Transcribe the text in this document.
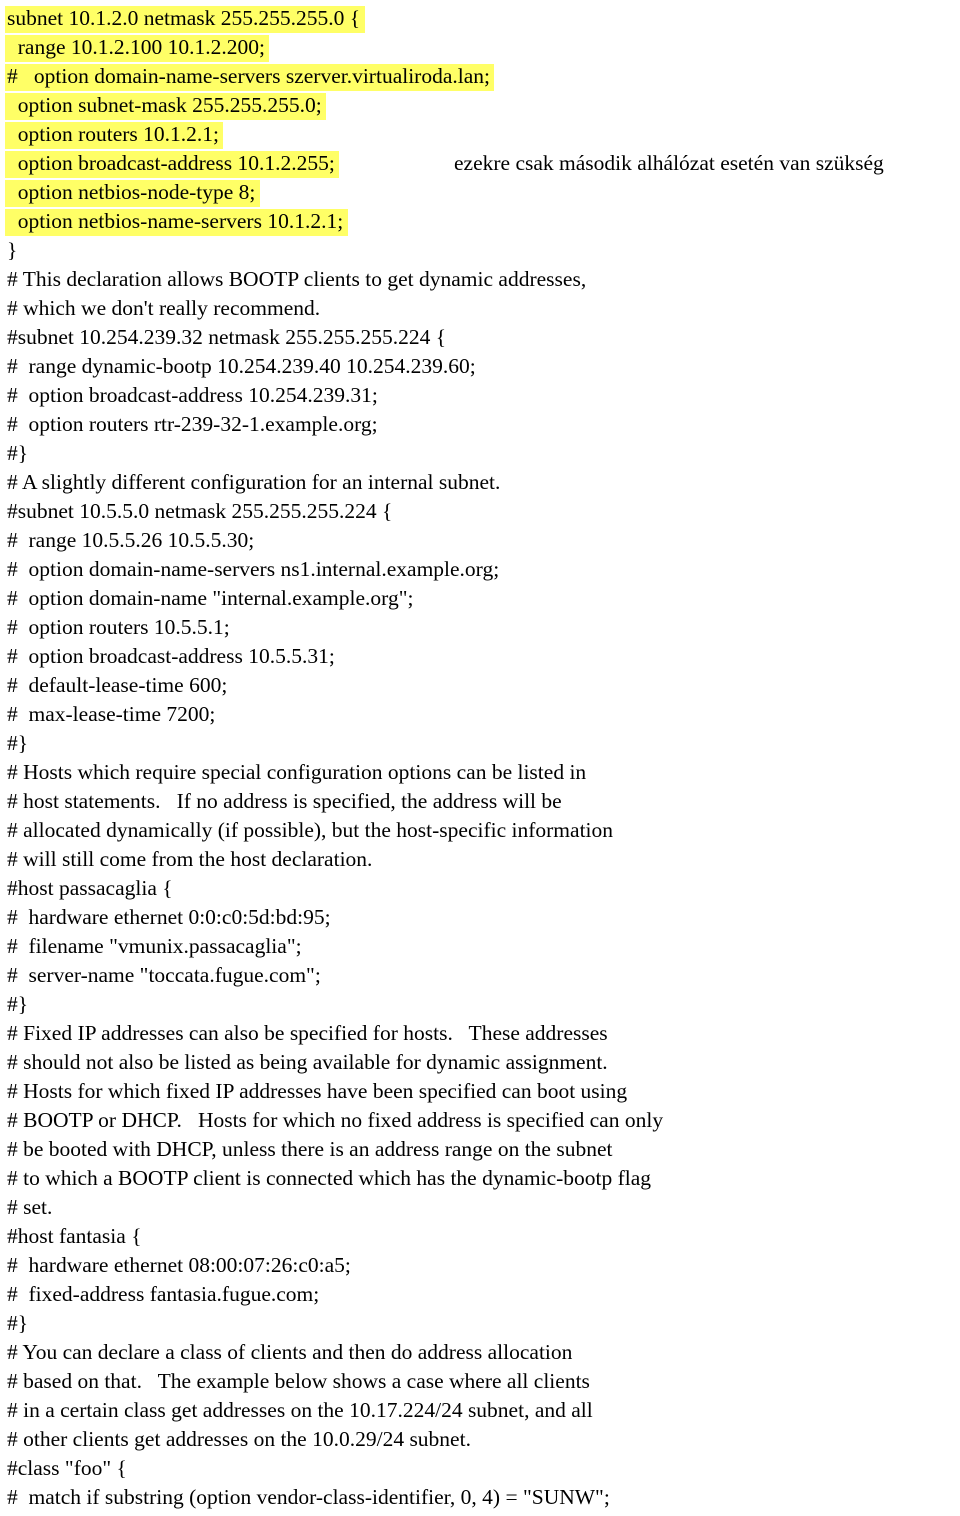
subnet 10.1.2.0 netmask 255.255.255.0 {
range 10.1.2.100 10.1.2.200;
#   option domain-name-servers szerver.virtualiroda.lan;
option subnet-mask 255.255.255.0;
option routers 10.1.2.1;
option broadcast-address 10.1.2.255;	ezekre csak második alhálózat esetén van szükség
option netbios-node-type 8;
option netbios-name-servers 10.1.2.1;
}
# This declaration allows BOOTP clients to get dynamic addresses,
# which we don't really recommend.
#subnet 10.254.239.32 netmask 255.255.255.224 {
#  range dynamic-bootp 10.254.239.40 10.254.239.60;
#  option broadcast-address 10.254.239.31;
#  option routers rtr-239-32-1.example.org;
#}
# A slightly different configuration for an internal subnet.
#subnet 10.5.5.0 netmask 255.255.255.224 {
#  range 10.5.5.26 10.5.5.30;
#  option domain-name-servers ns1.internal.example.org;
#  option domain-name "internal.example.org";
#  option routers 10.5.5.1;
#  option broadcast-address 10.5.5.31;
#  default-lease-time 600;
#  max-lease-time 7200;
#}
# Hosts which require special configuration options can be listed in
# host statements.   If no address is specified, the address will be
# allocated dynamically (if possible), but the host-specific information
# will still come from the host declaration.
#host passacaglia {
#  hardware ethernet 0:0:c0:5d:bd:95;
#  filename "vmunix.passacaglia";
#  server-name "toccata.fugue.com";
#}
# Fixed IP addresses can also be specified for hosts.   These addresses
# should not also be listed as being available for dynamic assignment.
# Hosts for which fixed IP addresses have been specified can boot using
# BOOTP or DHCP.   Hosts for which no fixed address is specified can only
# be booted with DHCP, unless there is an address range on the subnet
# to which a BOOTP client is connected which has the dynamic-bootp flag
# set.
#host fantasia {
#  hardware ethernet 08:00:07:26:c0:a5;
#  fixed-address fantasia.fugue.com;
#}
# You can declare a class of clients and then do address allocation
# based on that.   The example below shows a case where all clients
# in a certain class get addresses on the 10.17.224/24 subnet, and all
# other clients get addresses on the 10.0.29/24 subnet.
#class "foo" {
#  match if substring (option vendor-class-identifier, 0, 4) = "SUNW";
